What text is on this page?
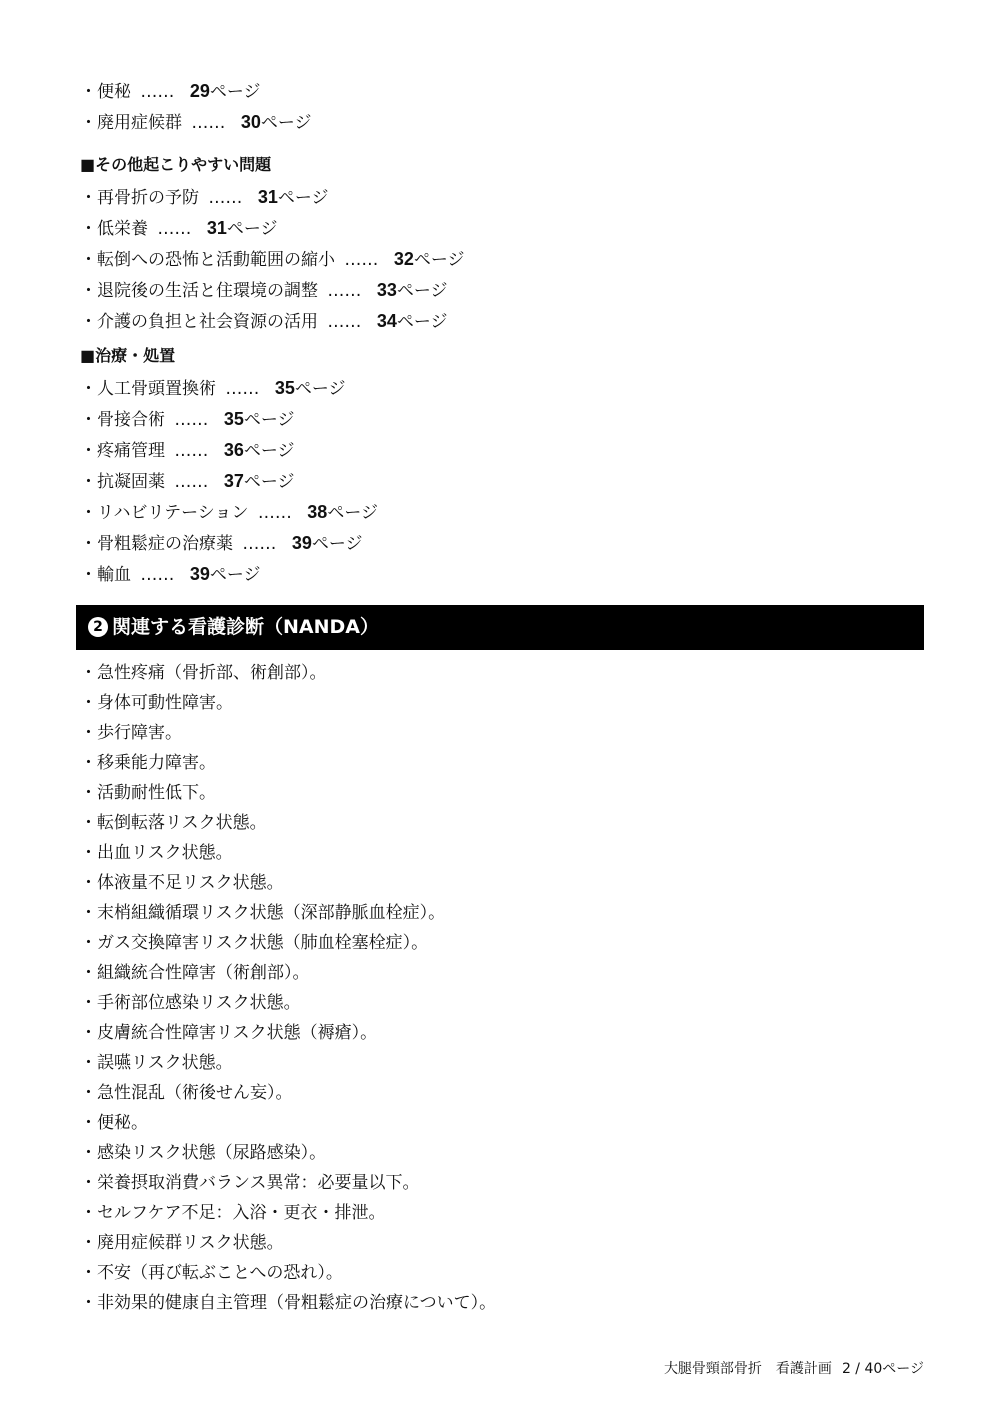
・便秘 …… 29ページ
・廃用症候群 …… 30ページ
■その他起こりやすい問題
・再骨折の予防 …… 31ページ
・低栄養 …… 31ページ
・転倒への恐怖と活動範囲の縮小 …… 32ページ
・退院後の生活と住環境の調整 …… 33ページ
・介護の負担と社会資源の活用 …… 34ページ
■治療・処置
・人工骨頭置換術 …… 35ページ
・骨接合術 …… 35ページ
・疼痛管理 …… 36ページ
・抗凝固薬 …… 37ページ
・リハビリテーション …… 38ページ
・骨粗鬆症の治療薬 …… 39ページ
・輸血 …… 39ページ
2 関連する看護診断（NANDA）
・急性疼痛（骨折部、術創部）。
・身体可動性障害。
・歩行障害。
・移乗能力障害。
・活動耐性低下。
・転倒転落リスク状態。
・出血リスク状態。
・体液量不足リスク状態。
・末梢組織循環リスク状態（深部静脈血栓症）。
・ガス交換障害リスク状態（肺血栓塞栓症）。
・組織統合性障害（術創部）。
・手術部位感染リスク状態。
・皮膚統合性障害リスク状態（褥瘡）。
・誤嚥リスク状態。
・急性混乱（術後せん妄）。
・便秘。
・感染リスク状態（尿路感染）。
・栄養摂取消費バランス異常：必要量以下。
・セルフケア不足：入浴・更衣・排泄。
・廃用症候群リスク状態。
・不安（再び転ぶことへの恐れ）。
・非効果的健康自主管理（骨粗鬆症の治療について）。
大腿骨頸部骨折　看護計画 2 / 40ページ
